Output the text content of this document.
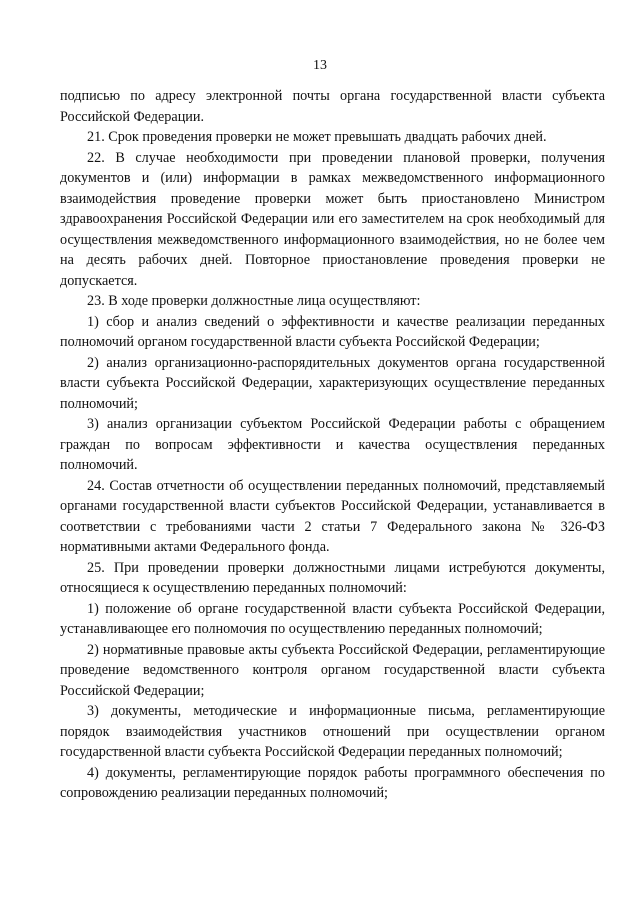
13

подписью по адресу электронной почты органа государственной власти субъекта Российской Федерации.

21. Срок проведения проверки не может превышать двадцать рабочих дней.

22. В случае необходимости при проведении плановой проверки, получения документов и (или) информации в рамках межведомственного информационного взаимодействия проведение проверки может быть приостановлено Министром здравоохранения Российской Федерации или его заместителем на срок необходимый для осуществления межведомственного информационного взаимодействия, но не более чем на десять рабочих дней. Повторное приостановление проведения проверки не допускается.

23. В ходе проверки должностные лица осуществляют:

1) сбор и анализ сведений о эффективности и качестве реализации переданных полномочий органом государственной власти субъекта Российской Федерации;

2) анализ организационно-распорядительных документов органа государственной власти субъекта Российской Федерации, характеризующих осуществление переданных полномочий;

3) анализ организации субъектом Российской Федерации работы с обращением граждан по вопросам эффективности и качества осуществления переданных полномочий.

24. Состав отчетности об осуществлении переданных полномочий, представляемый органами государственной власти субъектов Российской Федерации, устанавливается в соответствии с требованиями части 2 статьи 7 Федерального закона № 326-ФЗ нормативными актами Федерального фонда.

25. При проведении проверки должностными лицами истребуются документы, относящиеся к осуществлению переданных полномочий:

1) положение об органе государственной власти субъекта Российской Федерации, устанавливающее его полномочия по осуществлению переданных полномочий;

2) нормативные правовые акты субъекта Российской Федерации, регламентирующие проведение ведомственного контроля органом государственной власти субъекта Российской Федерации;

3) документы, методические и информационные письма, регламентирующие порядок взаимодействия участников отношений при осуществлении органом государственной власти субъекта Российской Федерации переданных полномочий;

4) документы, регламентирующие порядок работы программного обеспечения по сопровождению реализации переданных полномочий;
